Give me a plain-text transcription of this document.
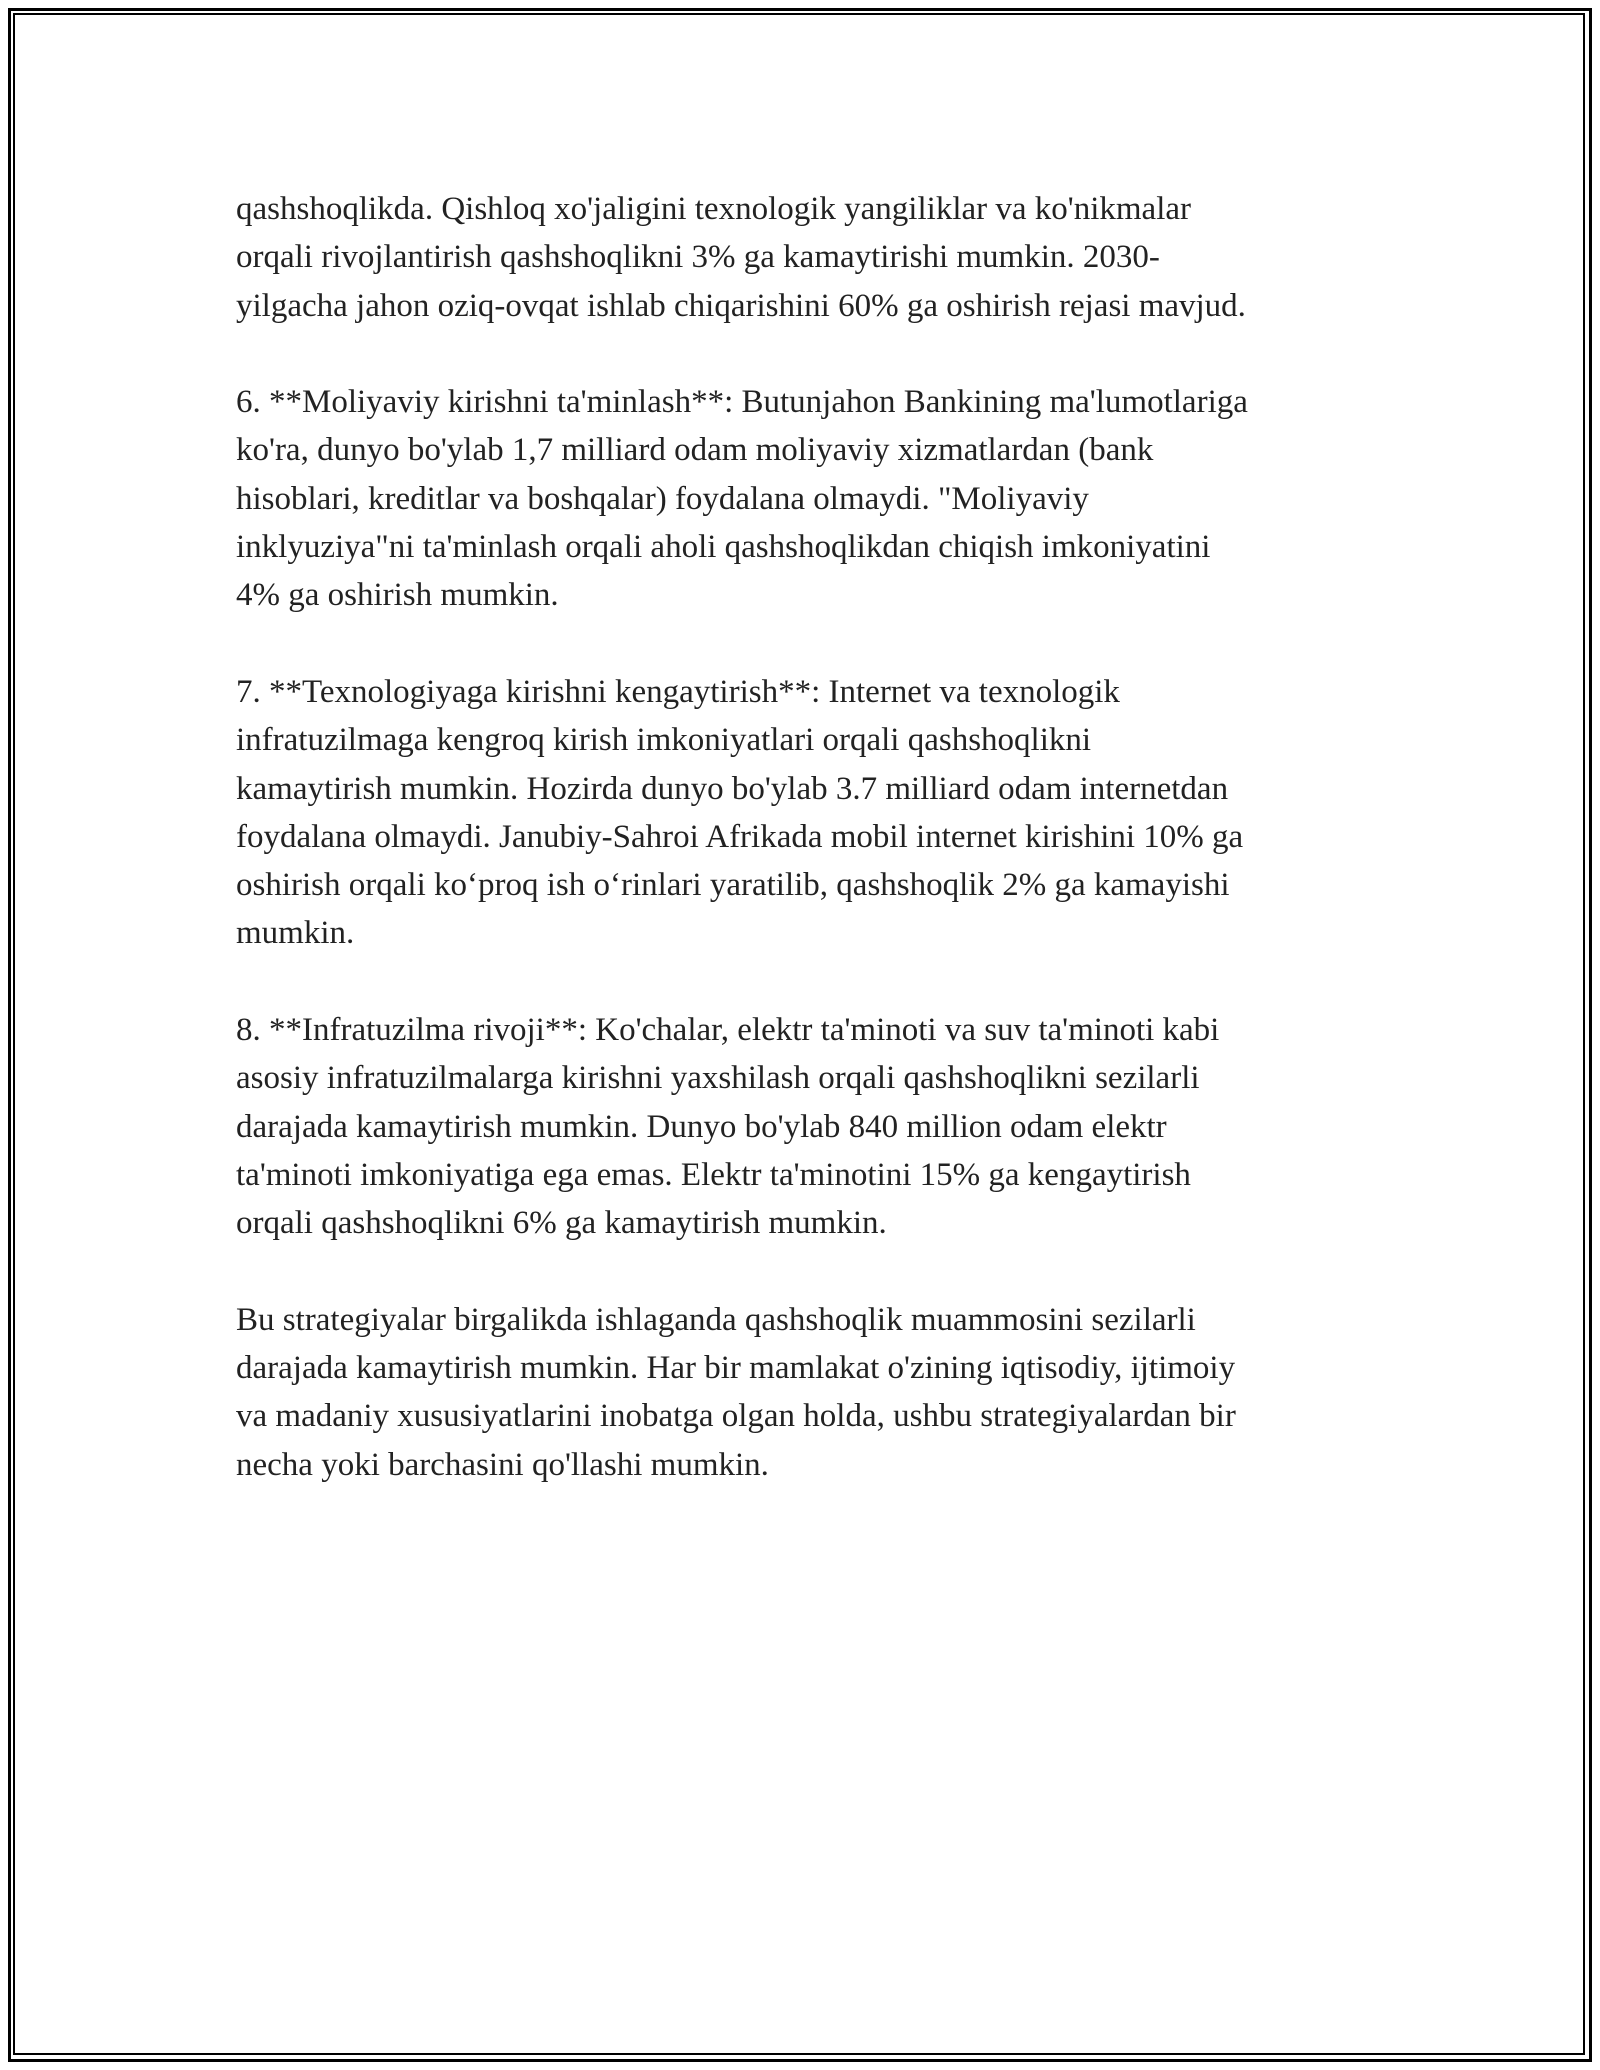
qashshoqlikda. Qishloq xo'jaligini texnologik yangiliklar va ko'nikmalar
orqali rivojlantirish qashshoqlikni 3% ga kamaytirishi mumkin. 2030-
yilgacha jahon oziq-ovqat ishlab chiqarishini 60% ga oshirish rejasi mavjud.

6. **Moliyaviy kirishni ta'minlash**: Butunjahon Bankining ma'lumotlariga
ko'ra, dunyo bo'ylab 1,7 milliard odam moliyaviy xizmatlardan (bank
hisoblari, kreditlar va boshqalar) foydalana olmaydi. "Moliyaviy
inklyuziya"ni ta'minlash orqali aholi qashshoqlikdan chiqish imkoniyatini
4% ga oshirish mumkin.

7. **Texnologiyaga kirishni kengaytirish**: Internet va texnologik
infratuzilmaga kengroq kirish imkoniyatlari orqali qashshoqlikni
kamaytirish mumkin. Hozirda dunyo bo'ylab 3.7 milliard odam internetdan
foydalana olmaydi. Janubiy-Sahroi Afrikada mobil internet kirishini 10% ga
oshirish orqali ko‘proq ish o‘rinlari yaratilib, qashshoqlik 2% ga kamayishi
mumkin.

8. **Infratuzilma rivoji**: Ko'chalar, elektr ta'minoti va suv ta'minoti kabi
asosiy infratuzilmalarga kirishni yaxshilash orqali qashshoqlikni sezilarli
darajada kamaytirish mumkin. Dunyo bo'ylab 840 million odam elektr
ta'minoti imkoniyatiga ega emas. Elektr ta'minotini 15% ga kengaytirish
orqali qashshoqlikni 6% ga kamaytirish mumkin.

Bu strategiyalar birgalikda ishlaganda qashshoqlik muammosini sezilarli
darajada kamaytirish mumkin. Har bir mamlakat o'zining iqtisodiy, ijtimoiy
va madaniy xususiyatlarini inobatga olgan holda, ushbu strategiyalardan bir
necha yoki barchasini qo'llashi mumkin.
